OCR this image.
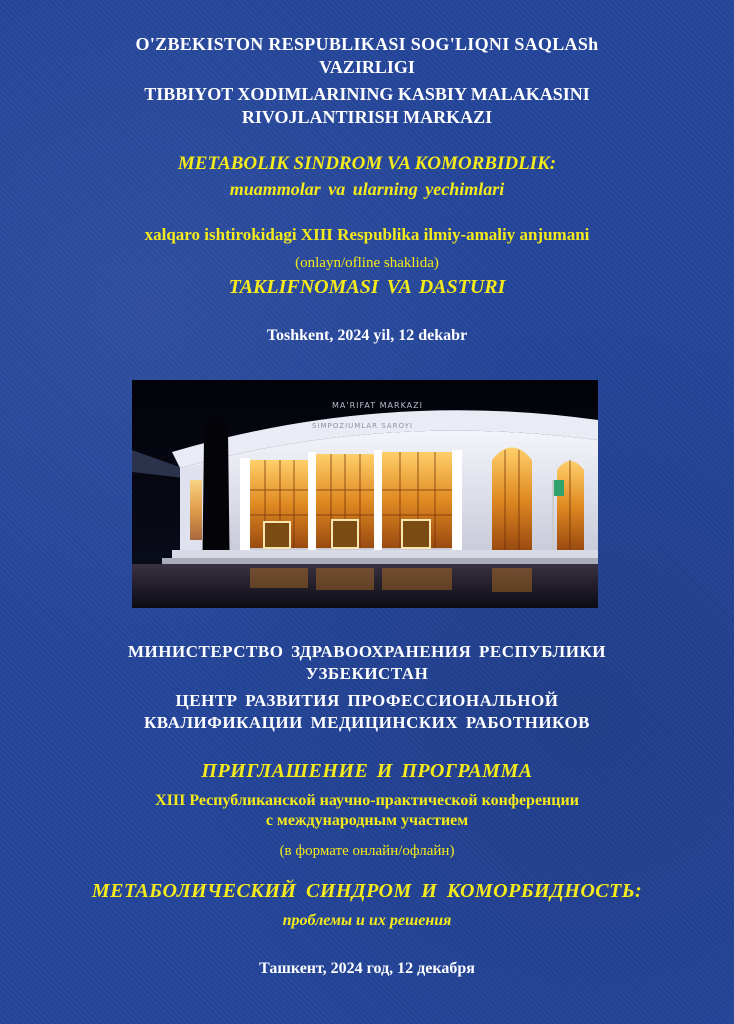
O'ZBEKISTON RESPUBLIKASI SOG'LIQNI SAQLASh
VAZIRLIGI
TIBBIYOT XODIMLARINING KASBIY MALAKASINI
RIVOJLANTIRISH MARKAZI
METABOLIK SINDROM VA KOMORBIDLIK:
muammolar va ularning yechimlari
xalqaro ishtirokidagi XIII Respublika ilmiy-amaliy anjumani
(onlayn/ofline shaklida)
TAKLIFNOMASI VA DASTURI
Toshkent, 2024 yil, 12 dekabr
MA'RIFAT MARKAZI
SIMPOZIUMLAR SAROYI
МИНИСТЕРСТВО ЗДРАВООХРАНЕНИЯ РЕСПУБЛИКИ
УЗБЕКИСТАН
ЦЕНТР РАЗВИТИЯ ПРОФЕССИОНАЛЬНОЙ
КВАЛИФИКАЦИИ МЕДИЦИНСКИХ РАБОТНИКОВ
ПРИГЛАШЕНИЕ И ПРОГРАММА
XIII Республиканской научно-практической конференции
с международным участием
(в формате онлайн/офлайн)
МЕТАБОЛИЧЕСКИЙ СИНДРОМ И КОМОРБИДНОСТЬ:
проблемы и их решения
Ташкент, 2024 год, 12 декабря
